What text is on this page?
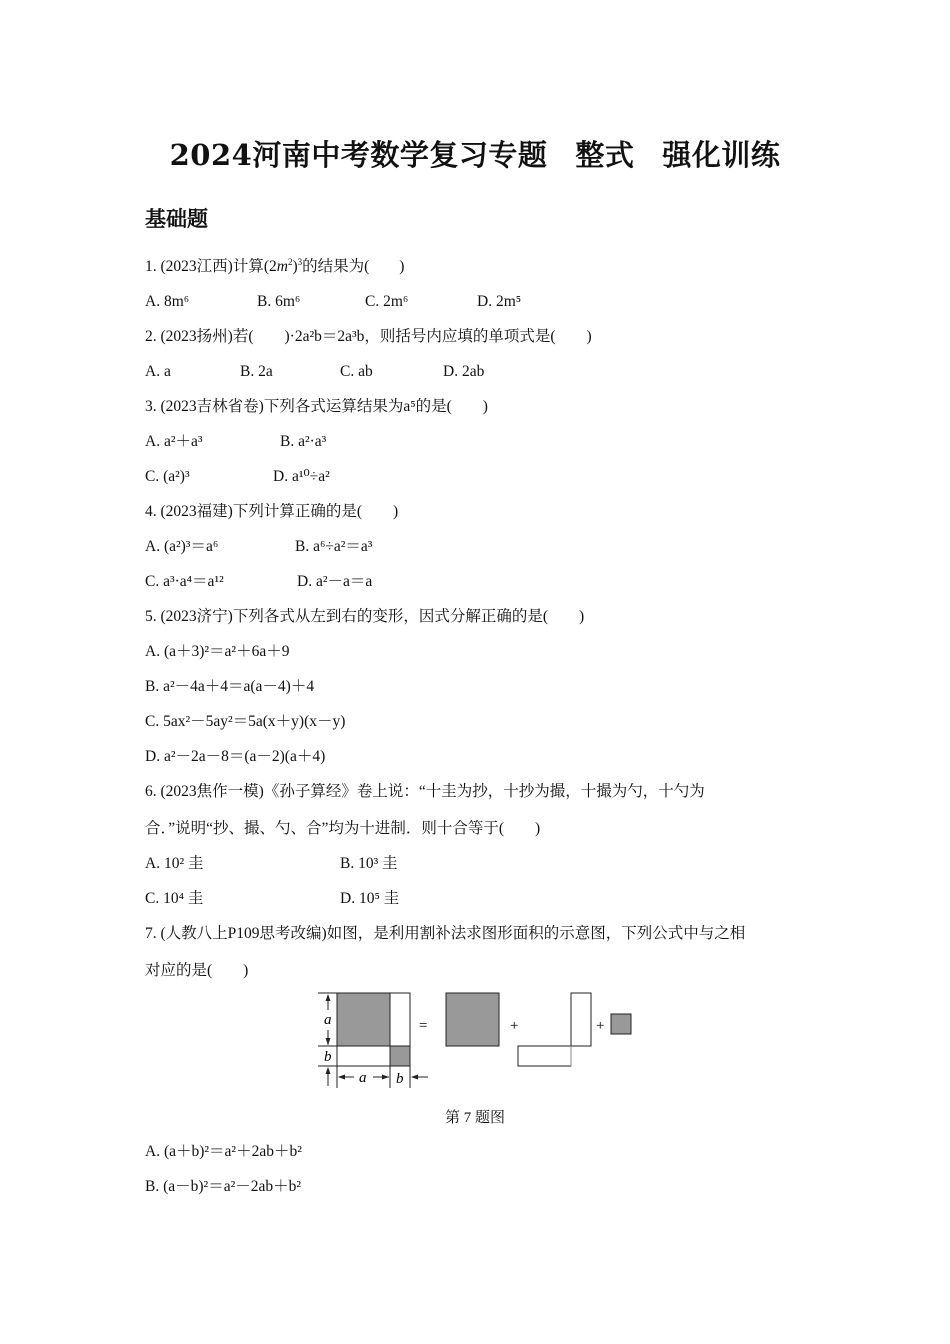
2024河南中考数学复习专题 整式 强化训练
基础题
1. (2023江西)计算$(2m^2)^3$的结果为( )
A. 8m⁶	B. 6m⁶	C. 2m⁶	D. 2m⁵
2. (2023扬州)若(　　)·2a²b＝2a³b，则括号内应填的单项式是(　　)
A. a	B. 2a	C. ab	D. 2ab
3. (2023吉林省卷)下列各式运算结果为a⁵的是(　　)
A. a²＋a³	B. a²·a³
C. (a²)³	D. a¹⁰÷a²
4. (2023福建)下列计算正确的是(　　)
A. (a²)³＝a⁶	B. a⁶÷a²＝a³
C. a³·a⁴＝a¹²	D. a²－a＝a
5. (2023济宁)下列各式从左到右的变形，因式分解正确的是(　　)
A. (a＋3)²＝a²＋6a＋9
B. a²－4a＋4＝a(a－4)＋4
C. 5ax²－5ay²＝5a(x＋y)(x－y)
D. a²－2a－8＝(a－2)(a＋4)
6. (2023焦作一模)《孙子算经》卷上说：“十圭为抄，十抄为撮，十撮为勺，十勺为
合．”说明“抄、撮、勺、合”均为十进制．则十合等于(　　)
A. 10² 圭	B. 10³ 圭
C. 10⁴ 圭	D. 10⁵ 圭
7. (人教八上P109思考改编)如图，是利用割补法求图形面积的示意图，下列公式中与之相
对应的是(　　)
a
b
a b
=	+	+
第 7 题图
A. (a＋b)²＝a²＋2ab＋b²
B. (a－b)²＝a²－2ab＋b²
